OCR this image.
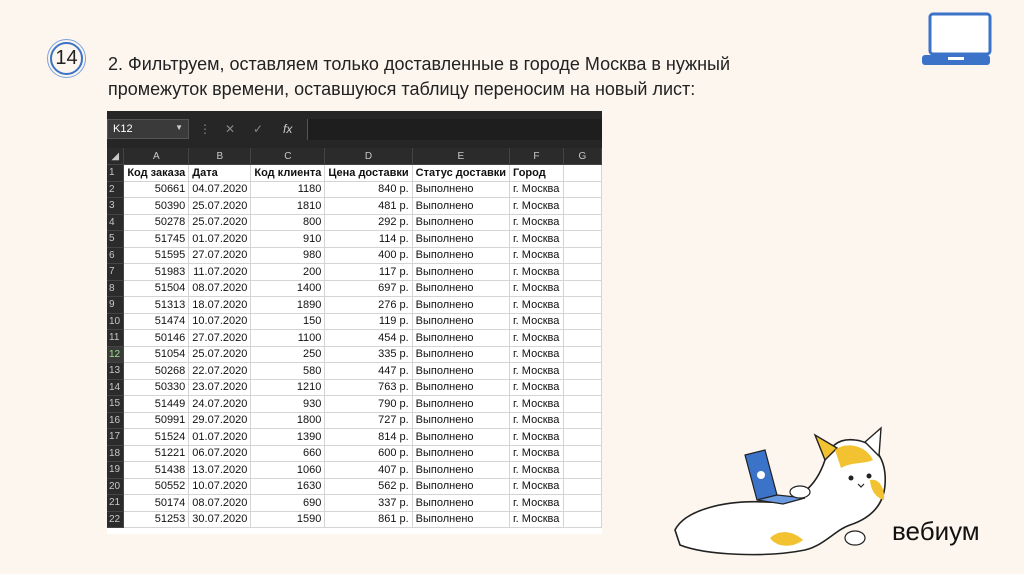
14 2. Фильтруем, оставляем только доставленные в городе Москва в нужный промежуток времени, оставшуюся таблицу переносим на новый лист:
K12	▼ ⋮ ✕ ✓ fx
◢	A	B	C	D	E	F	G
1	Код заказа	Дата	Код клиента	Цена доставки	Статус доставки	Город	
2	50661	04.07.2020	1180	840 р.	Выполнено	г. Москва	
3	50390	25.07.2020	1810	481 р.	Выполнено	г. Москва	
4	50278	25.07.2020	800	292 р.	Выполнено	г. Москва	
5	51745	01.07.2020	910	114 р.	Выполнено	г. Москва	
6	51595	27.07.2020	980	400 р.	Выполнено	г. Москва	
7	51983	11.07.2020	200	117 р.	Выполнено	г. Москва	
8	51504	08.07.2020	1400	697 р.	Выполнено	г. Москва	
9	51313	18.07.2020	1890	276 р.	Выполнено	г. Москва	
10	51474	10.07.2020	150	119 р.	Выполнено	г. Москва	
11	50146	27.07.2020	1100	454 р.	Выполнено	г. Москва	
12	51054	25.07.2020	250	335 р.	Выполнено	г. Москва	
13	50268	22.07.2020	580	447 р.	Выполнено	г. Москва	
14	50330	23.07.2020	1210	763 р.	Выполнено	г. Москва	
15	51449	24.07.2020	930	790 р.	Выполнено	г. Москва	
16	50991	29.07.2020	1800	727 р.	Выполнено	г. Москва	
17	51524	01.07.2020	1390	814 р.	Выполнено	г. Москва	
18	51221	06.07.2020	660	600 р.	Выполнено	г. Москва	
19	51438	13.07.2020	1060	407 р.	Выполнено	г. Москва	
20	50552	10.07.2020	1630	562 р.	Выполнено	г. Москва	
21	50174	08.07.2020	690	337 р.	Выполнено	г. Москва	
22	51253	30.07.2020	1590	861 р.	Выполнено	г. Москва		вебиум
